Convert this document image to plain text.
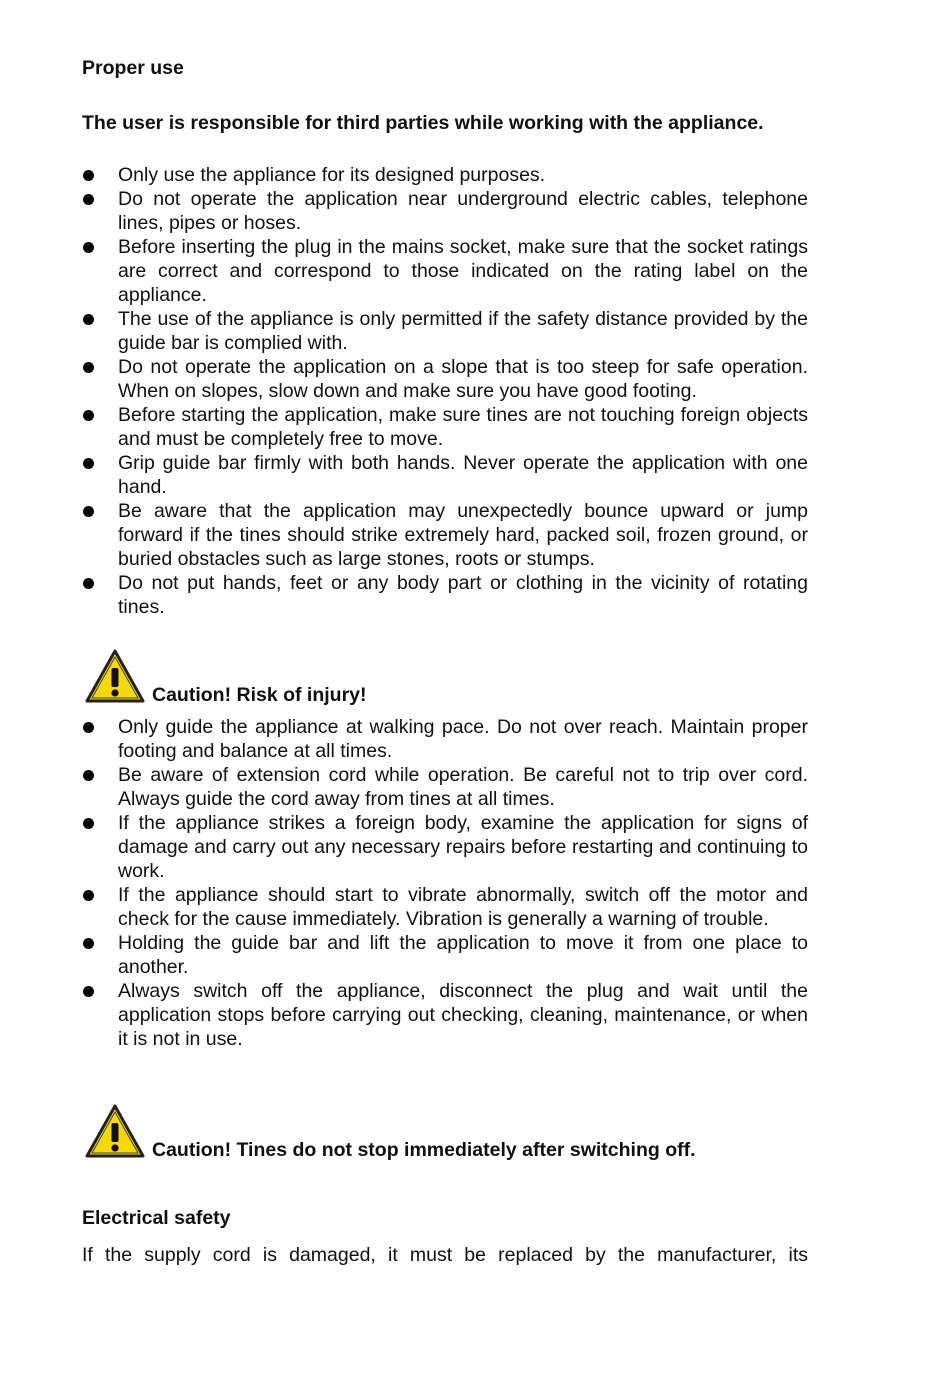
Proper use
The user is responsible for third parties while working with the appliance.
Only use the appliance for its designed purposes.
Do not operate the application near underground electric cables, telephone lines, pipes or hoses.
Before inserting the plug in the mains socket, make sure that the socket ratings are correct and correspond to those indicated on the rating label on the appliance.
The use of the appliance is only permitted if the safety distance provided by the guide bar is complied with.
Do not operate the application on a slope that is too steep for safe operation. When on slopes, slow down and make sure you have good footing.
Before starting the application, make sure tines are not touching foreign objects and must be completely free to move.
Grip guide bar firmly with both hands. Never operate the application with one hand.
Be aware that the application may unexpectedly bounce upward or jump forward if the tines should strike extremely hard, packed soil, frozen ground, or buried obstacles such as large stones, roots or stumps.
Do not put hands, feet or any body part or clothing in the vicinity of rotating tines.
Caution! Risk of injury!
Only guide the appliance at walking pace. Do not over reach. Maintain proper footing and balance at all times.
Be aware of extension cord while operation. Be careful not to trip over cord. Always guide the cord away from tines at all times.
If the appliance strikes a foreign body, examine the application for signs of damage and carry out any necessary repairs before restarting and continuing to work.
If the appliance should start to vibrate abnormally, switch off the motor and check for the cause immediately. Vibration is generally a warning of trouble.
Holding the guide bar and lift the application to move it from one place to another.
Always switch off the appliance, disconnect the plug and wait until the application stops before carrying out checking, cleaning, maintenance, or when it is not in use.
Caution! Tines do not stop immediately after switching off.
Electrical safety
If the supply cord is damaged, it must be replaced by the manufacturer, its
